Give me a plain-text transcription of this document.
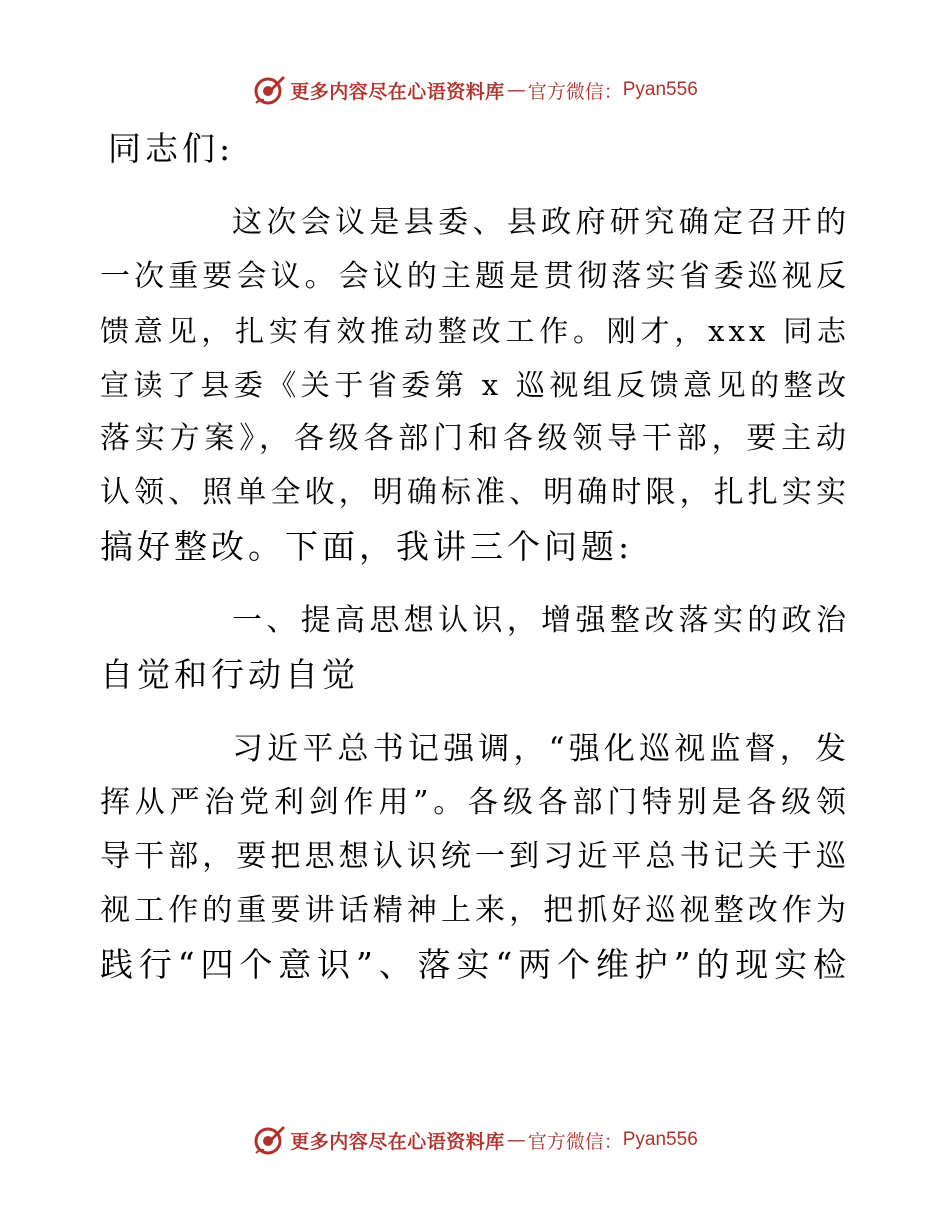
更多内容尽在心语资料库 — 官方微信： Pyan556
同志们:
这次会议是县委、县政府研究确定召开的
一次重要会议。会议的主题是贯彻落实省委巡视反
馈意见，扎实有效推动整改工作。刚才，xxx 同志
宣读了县委《关于省委第 x 巡视组反馈意见的整改
落实方案》，各级各部门和各级领导干部，要主动
认领、照单全收，明确标准、明确时限，扎扎实实
搞好整改。下面，我讲三个问题:
一、提高思想认识，增强整改落实的政治
自觉和行动自觉
习近平总书记强调，“强化巡视监督，发
挥从严治党利剑作用”。各级各部门特别是各级领
导干部，要把思想认识统一到习近平总书记关于巡
视工作的重要讲话精神上来，把抓好巡视整改作为
践行“四个意识”、落实“两个维护”的现实检
更多内容尽在心语资料库 — 官方微信： Pyan556
